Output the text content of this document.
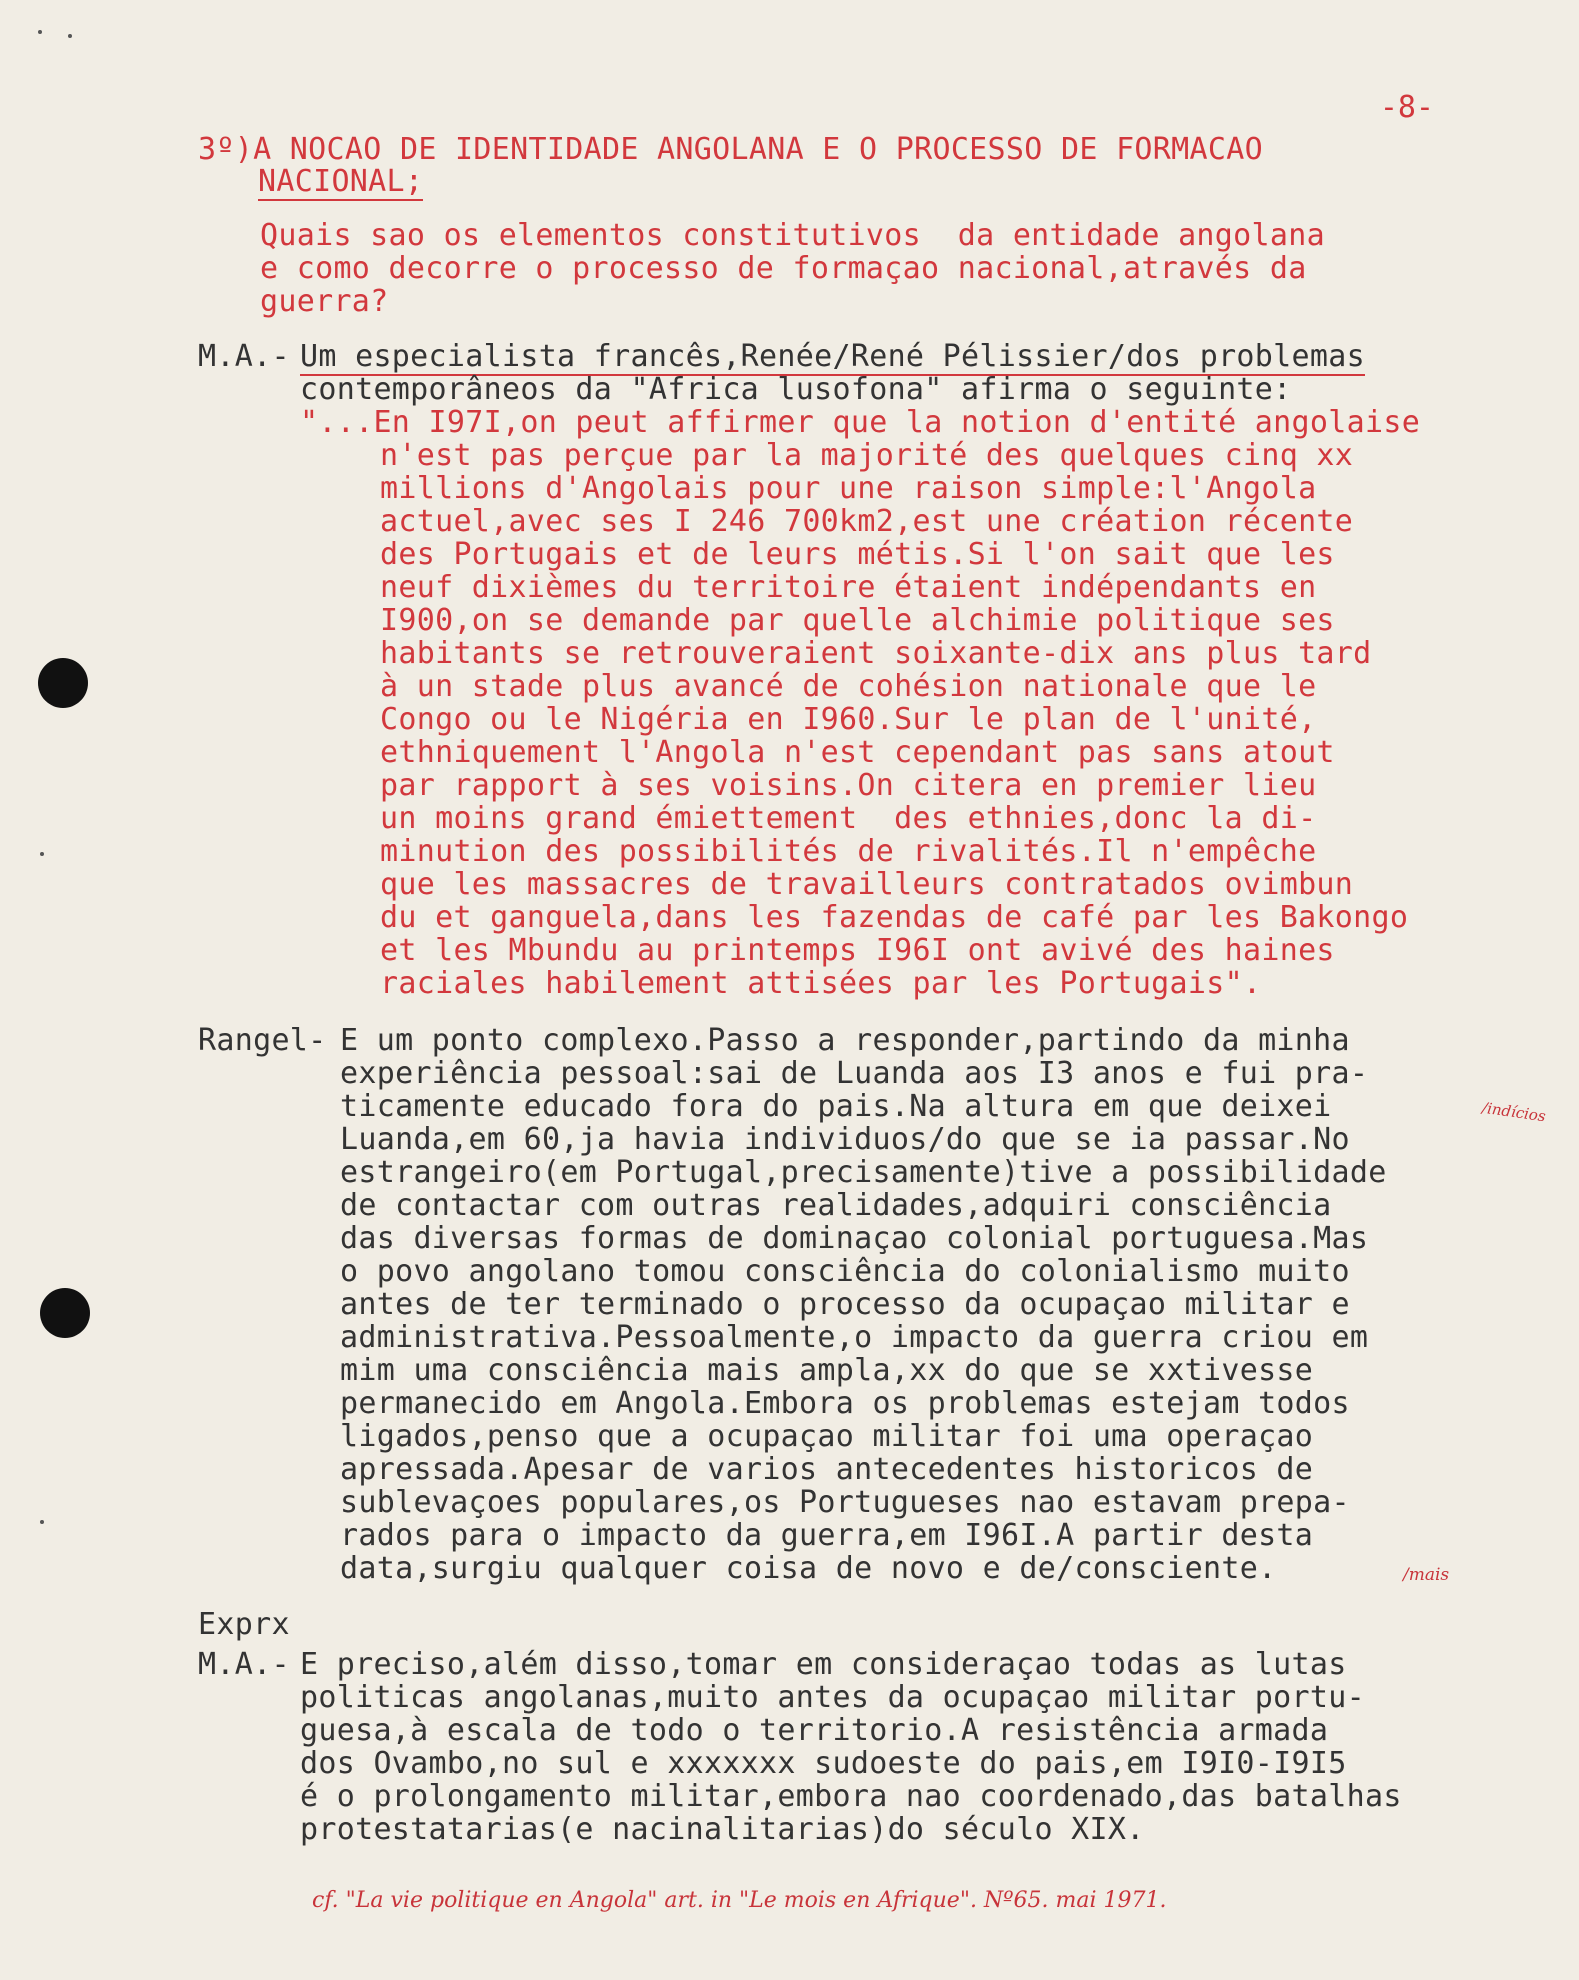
-8-
3º)A NOCAO DE IDENTIDADE ANGOLANA E O PROCESSO DE FORMACAO
NACIONAL;
Quais sao os elementos constitutivos  da entidade angolana
e como decorre o processo de formaçao nacional,através da
guerra?
M.A.- Um especialista francês,Renée/René Pélissier/dos problemas
contemporâneos da "Africa lusofona" afirma o seguinte:
"...En I97I,on peut affirmer que la notion d'entité angolaise
n'est pas perçue par la majorité des quelques cinq xx
millions d'Angolais pour une raison simple:l'Angola
actuel,avec ses I 246 700km2,est une création récente
des Portugais et de leurs métis.Si l'on sait que les
neuf dixièmes du territoire étaient indépendants en
I900,on se demande par quelle alchimie politique ses
habitants se retrouveraient soixante-dix ans plus tard
à un stade plus avancé de cohésion nationale que le
Congo ou le Nigéria en I960.Sur le plan de l'unité,
ethniquement l'Angola n'est cependant pas sans atout
par rapport à ses voisins.On citera en premier lieu
un moins grand émiettement  des ethnies,donc la di-
minution des possibilités de rivalités.Il n'empêche
que les massacres de travailleurs contratados ovimbun
du et ganguela,dans les fazendas de café par les Bakongo
et les Mbundu au printemps I96I ont avivé des haines
raciales habilement attisées par les Portugais".
Rangel- E um ponto complexo.Passo a responder,partindo da minha
experiência pessoal:sai de Luanda aos I3 anos e fui pra-
ticamente educado fora do pais.Na altura em que deixei
Luanda,em 60,ja havia individuos/do que se ia passar.No
estrangeiro(em Portugal,precisamente)tive a possibilidade
de contactar com outras realidades,adquiri consciência
das diversas formas de dominaçao colonial portuguesa.Mas
o povo angolano tomou consciência do colonialismo muito
antes de ter terminado o processo da ocupaçao militar e
administrativa.Pessoalmente,o impacto da guerra criou em
mim uma consciência mais ampla,xx do que se xxtivesse
permanecido em Angola.Embora os problemas estejam todos
ligados,penso que a ocupaçao militar foi uma operaçao
apressada.Apesar de varios antecedentes historicos de
sublevaçoes populares,os Portugueses nao estavam prepa-
rados para o impacto da guerra,em I96I.A partir desta
data,surgiu qualquer coisa de novo e de/consciente.
Exprx
M.A.- E preciso,além disso,tomar em consideraçao todas as lutas
politicas angolanas,muito antes da ocupaçao militar portu-
guesa,à escala de todo o territorio.A resistência armada
dos Ovambo,no sul e xxxxxxx sudoeste do pais,em I9I0-I9I5
é o prolongamento militar,embora nao coordenado,das batalhas
protestatarias(e nacinalitarias)do século XIX.
/indícios
/mais
cf. "La vie politique en Angola" art. in "Le mois en Afrique". Nº65. mai 1971.
